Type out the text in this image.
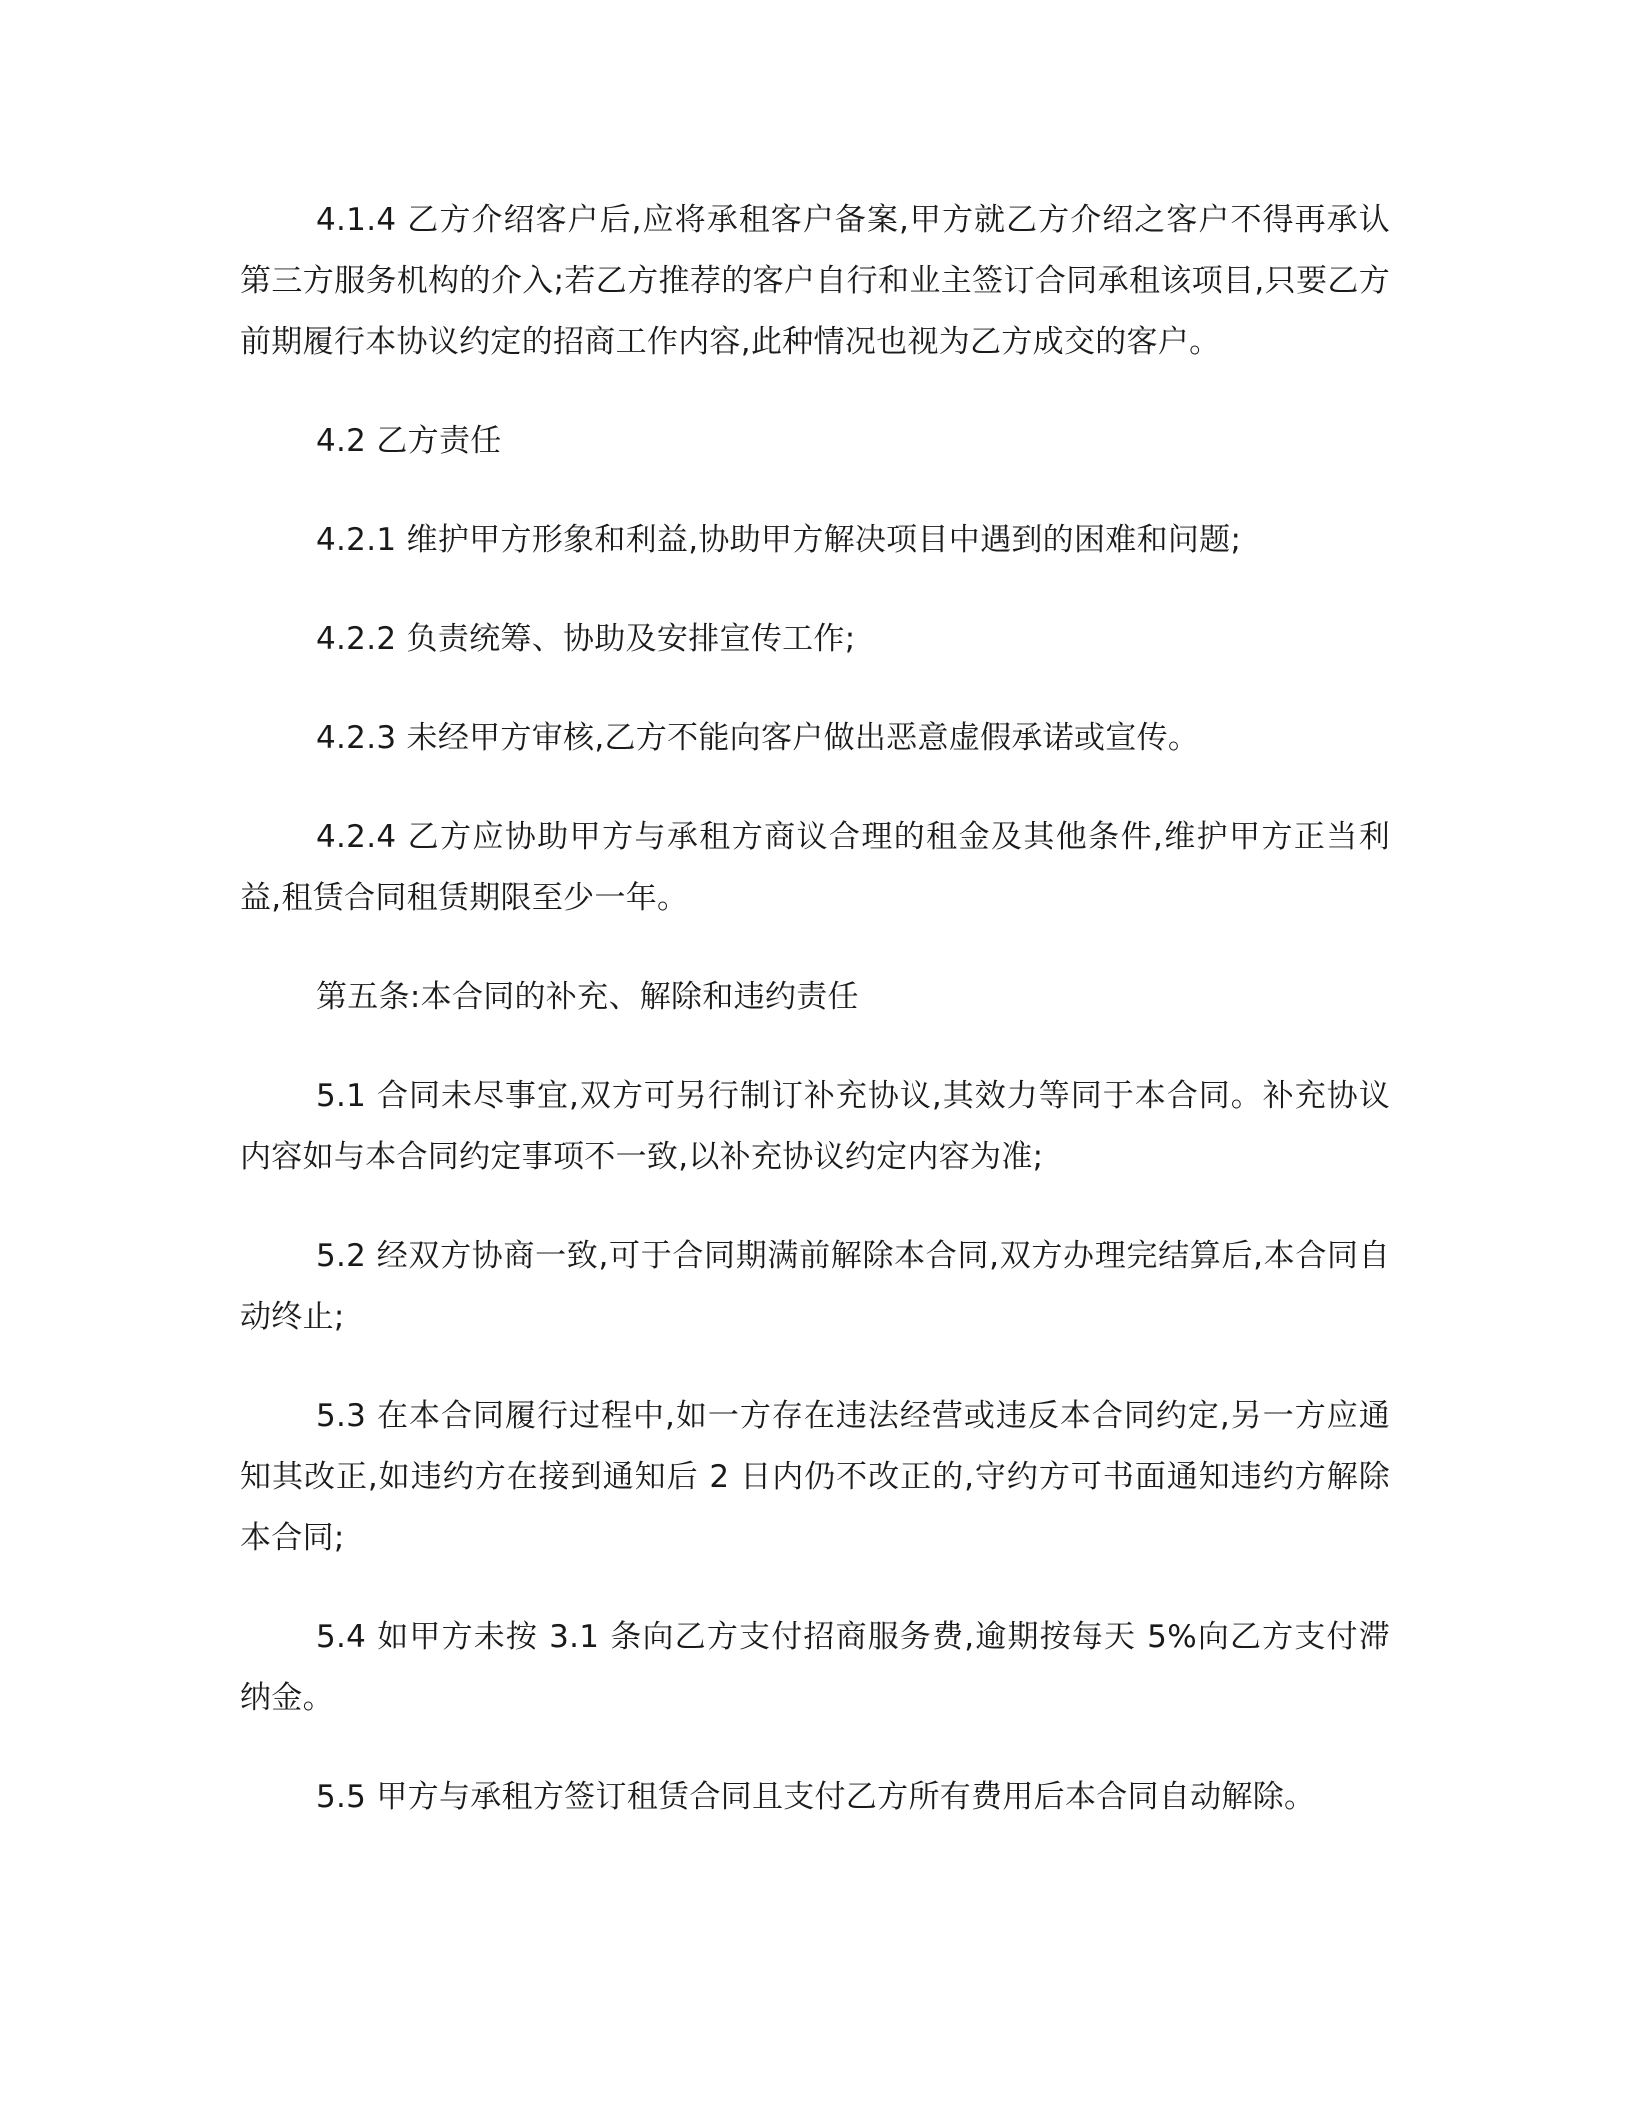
4.1.4 乙方介绍客户后,应将承租客户备案,甲方就乙方介绍之客户不得再承认第三方服务机构的介入;若乙方推荐的客户自行和业主签订合同承租该项目,只要乙方前期履行本协议约定的招商工作内容,此种情况也视为乙方成交的客户。

4.2 乙方责任

4.2.1 维护甲方形象和利益,协助甲方解决项目中遇到的困难和问题;

4.2.2 负责统筹、协助及安排宣传工作;

4.2.3 未经甲方审核,乙方不能向客户做出恶意虚假承诺或宣传。

4.2.4 乙方应协助甲方与承租方商议合理的租金及其他条件,维护甲方正当利益,租赁合同租赁期限至少一年。

第五条:本合同的补充、解除和违约责任

5.1 合同未尽事宜,双方可另行制订补充协议,其效力等同于本合同。补充协议内容如与本合同约定事项不一致,以补充协议约定内容为准;

5.2 经双方协商一致,可于合同期满前解除本合同,双方办理完结算后,本合同自动终止;

5.3 在本合同履行过程中,如一方存在违法经营或违反本合同约定,另一方应通知其改正,如违约方在接到通知后 2 日内仍不改正的,守约方可书面通知违约方解除本合同;

5.4 如甲方未按 3.1 条向乙方支付招商服务费,逾期按每天 5%向乙方支付滞纳金。

5.5 甲方与承租方签订租赁合同且支付乙方所有费用后本合同自动解除。
